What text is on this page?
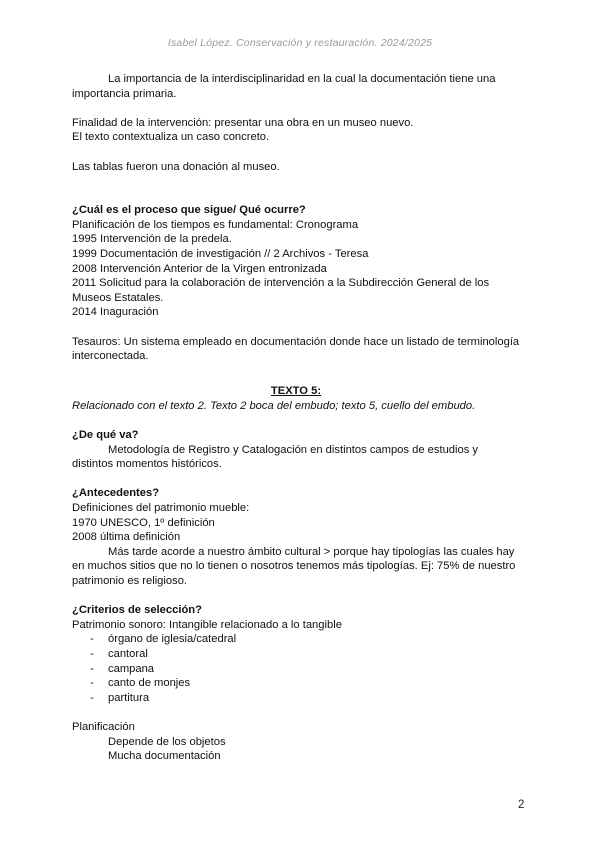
Isabel López. Conservación y restauración. 2024/2025

La importancia de la interdisciplinaridad en la cual la documentación tiene una importancia primaria.

Finalidad de la intervención: presentar una obra en un museo nuevo.

El texto contextualiza un caso concreto.

Las tablas fueron una donación al museo.

¿Cuál es el proceso que sigue/ Qué ocurre?

Planificación de los tiempos es fundamental: Cronograma

1995 Intervención de la predela.

1999 Documentación de investigación // 2 Archivos - Teresa

2008 Intervención Anterior de la Virgen entronizada

2011 Solicitud para la colaboración de intervención a la Subdirección General de los Museos Estatales.

2014 Inaguración

Tesauros: Un sistema empleado en documentación donde hace un listado de terminología interconectada.

TEXTO 5:

Relacionado con el texto 2. Texto 2 boca del embudo; texto 5, cuello del embudo.

¿De qué va?

Metodología de Registro y Catalogación en distintos campos de estudios y distintos momentos históricos.

¿Antecedentes?

Definiciones del patrimonio mueble:

1970 UNESCO, 1º definición

2008 última definición

Más tarde acorde a nuestro ámbito cultural > porque hay tipologías las cuales hay en muchos sitios que no lo tienen o nosotros tenemos más tipologías. Ej: 75% de nuestro patrimonio es religioso.

¿Criterios de selección?

Patrimonio sonoro: Intangible relacionado a lo tangible

- órgano de iglesia/catedral
- cantoral
- campana
- canto de monjes
- partitura

Planificación

Depende de los objetos

Mucha documentación

2
